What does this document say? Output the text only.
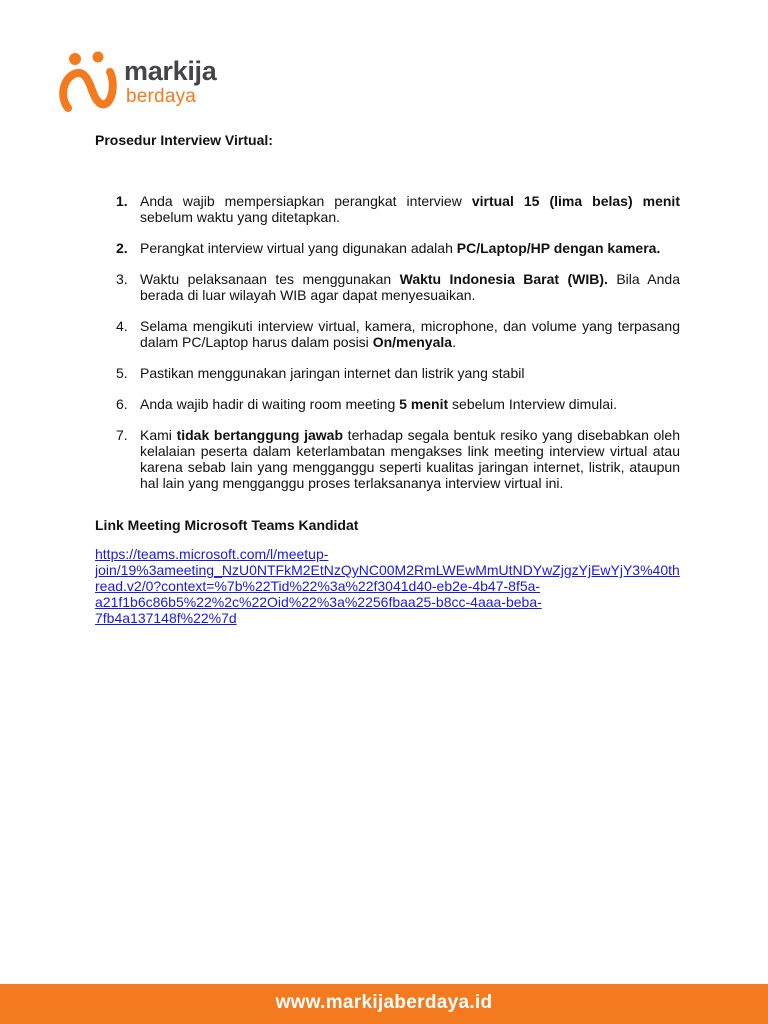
markija
berdaya
Prosedur Interview Virtual:
1. Anda wajib mempersiapkan perangkat interview virtual 15 (lima belas) menit sebelum waktu yang ditetapkan.
2. Perangkat interview virtual yang digunakan adalah PC/Laptop/HP dengan kamera.
3. Waktu pelaksanaan tes menggunakan Waktu Indonesia Barat (WIB). Bila Anda berada di luar wilayah WIB agar dapat menyesuaikan.
4. Selama mengikuti interview virtual, kamera, microphone, dan volume yang terpasang dalam PC/Laptop harus dalam posisi On/menyala.
5. Pastikan menggunakan jaringan internet dan listrik yang stabil
6. Anda wajib hadir di waiting room meeting 5 menit sebelum Interview dimulai.
7. Kami tidak bertanggung jawab terhadap segala bentuk resiko yang disebabkan oleh kelalaian peserta dalam keterlambatan mengakses link meeting interview virtual atau karena sebab lain yang mengganggu seperti kualitas jaringan internet, listrik, ataupun hal lain yang mengganggu proses terlaksananya interview virtual ini.
Link Meeting Microsoft Teams Kandidat
https://teams.microsoft.com/l/meetup-
join/19%3ameeting_NzU0NTFkM2EtNzQyNC00M2RmLWEwMmUtNDYwZjgzYjEwYjY3%40th
read.v2/0?context=%7b%22Tid%22%3a%22f3041d40-eb2e-4b47-8f5a-
a21f1b6c86b5%22%2c%22Oid%22%3a%2256fbaa25-b8cc-4aaa-beba-
7fb4a137148f%22%7d
www.markijaberdaya.id
